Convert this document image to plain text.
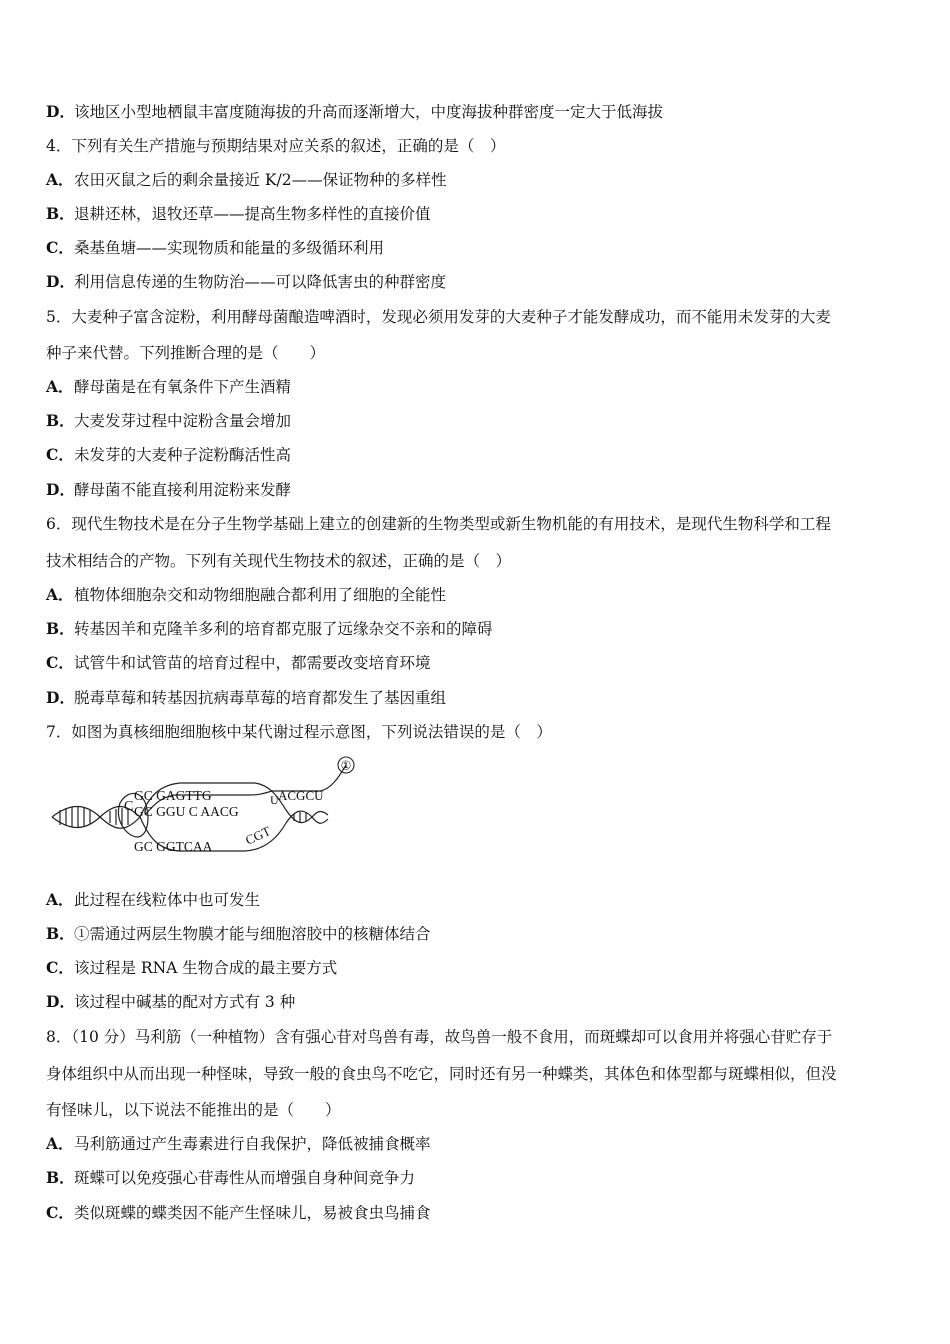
D．该地区小型地栖鼠丰富度随海拔的升高而逐渐增大，中度海拔种群密度一定大于低海拔
4．下列有关生产措施与预期结果对应关系的叙述，正确的是（　）
A．农田灭鼠之后的剩余量接近 K/2——保证物种的多样性
B．退耕还林，退牧还草——提高生物多样性的直接价值
C．桑基鱼塘——实现物质和能量的多级循环利用
D．利用信息传递的生物防治——可以降低害虫的种群密度
5．大麦种子富含淀粉，利用酵母菌酿造啤酒时，发现必须用发芽的大麦种子才能发酵成功，而不能用未发芽的大麦
种子来代替。下列推断合理的是（　　）
A．酵母菌是在有氧条件下产生酒精
B．大麦发芽过程中淀粉含量会增加
C．未发芽的大麦种子淀粉酶活性高
D．酵母菌不能直接利用淀粉来发酵
6．现代生物技术是在分子生物学基础上建立的创建新的生物类型或新生物机能的有用技术，是现代生物科学和工程
技术相结合的产物。下列有关现代生物技术的叙述，正确的是（　）
A．植物体细胞杂交和动物细胞融合都利用了细胞的全能性
B．转基因羊和克隆羊多利的培育都克服了远缘杂交不亲和的障碍
C．试管牛和试管苗的培育过程中，都需要改变培育环境
D．脱毒草莓和转基因抗病毒草莓的培育都发生了基因重组
7．如图为真核细胞细胞核中某代谢过程示意图，下列说法错误的是（　）
①
C
GC GAGTTG
GC GGU C AACG
U ACGCU
GC GGTCAA CGT
A．此过程在线粒体中也可发生
B．①需通过两层生物膜才能与细胞溶胶中的核糖体结合
C．该过程是 RNA 生物合成的最主要方式
D．该过程中碱基的配对方式有 3 种
8．（10 分）马利筋（一种植物）含有强心苷对鸟兽有毒，故鸟兽一般不食用，而斑蝶却可以食用并将强心苷贮存于
身体组织中从而出现一种怪味，导致一般的食虫鸟不吃它，同时还有另一种蝶类，其体色和体型都与斑蝶相似，但没
有怪味儿，以下说法不能推出的是（　　）
A．马利筋通过产生毒素进行自我保护，降低被捕食概率
B．斑蝶可以免疫强心苷毒性从而增强自身种间竞争力
C．类似斑蝶的蝶类因不能产生怪味儿，易被食虫鸟捕食
